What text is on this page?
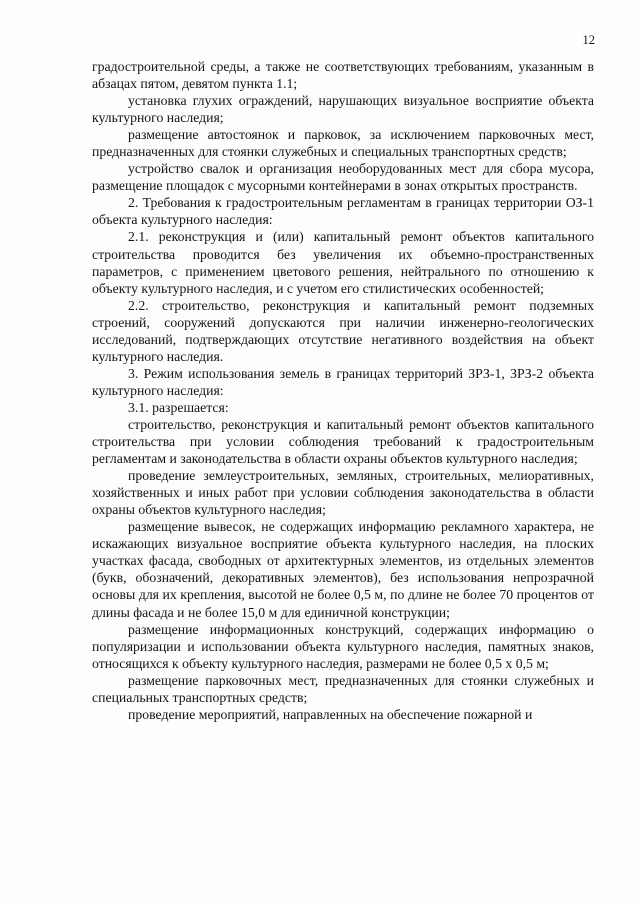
12

градостроительной среды, а также не соответствующих требованиям, указанным в абзацах пятом, девятом пункта 1.1;

установка глухих ограждений, нарушающих визуальное восприятие объекта культурного наследия;

размещение автостоянок и парковок, за исключением парковочных мест, предназначенных для стоянки служебных и специальных транспортных средств;

устройство свалок и организация необорудованных мест для сбора мусора, размещение площадок с мусорными контейнерами в зонах открытых пространств.

2. Требования к градостроительным регламентам в границах территории ОЗ-1 объекта культурного наследия:

2.1. реконструкция и (или) капитальный ремонт объектов капитального строительства проводится без увеличения их объемно-пространственных параметров, с применением цветового решения, нейтрального по отношению к объекту культурного наследия, и с учетом его стилистических особенностей;

2.2. строительство, реконструкция и капитальный ремонт подземных строений, сооружений допускаются при наличии инженерно-геологических исследований, подтверждающих отсутствие негативного воздействия на объект культурного наследия.

3. Режим использования земель в границах территорий ЗРЗ-1, ЗРЗ-2 объекта культурного наследия:

3.1. разрешается:

строительство, реконструкция и капитальный ремонт объектов капитального строительства при условии соблюдения требований к градостроительным регламентам и законодательства в области охраны объектов культурного наследия;

проведение землеустроительных, земляных, строительных, мелиоративных, хозяйственных и иных работ при условии соблюдения законодательства в области охраны объектов культурного наследия;

размещение вывесок, не содержащих информацию рекламного характера, не искажающих визуальное восприятие объекта культурного наследия, на плоских участках фасада, свободных от архитектурных элементов, из отдельных элементов (букв, обозначений, декоративных элементов), без использования непрозрачной основы для их крепления, высотой не более 0,5 м, по длине не более 70 процентов от длины фасада и не более 15,0 м для единичной конструкции;

размещение информационных конструкций, содержащих информацию о популяризации и использовании объекта культурного наследия, памятных знаков, относящихся к объекту культурного наследия, размерами не более 0,5 х 0,5 м;

размещение парковочных мест, предназначенных для стоянки служебных и специальных транспортных средств;

проведение мероприятий, направленных на обеспечение пожарной и
